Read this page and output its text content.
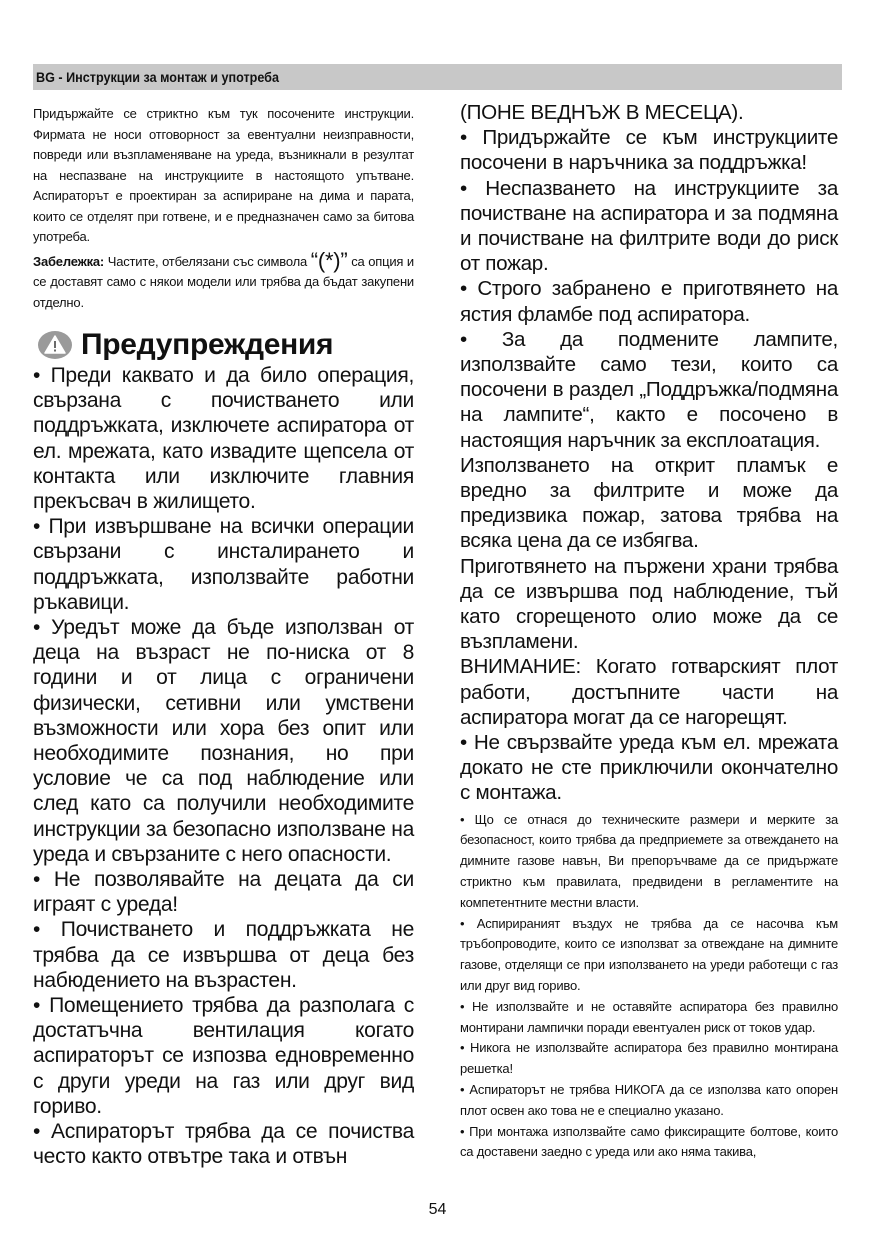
BG - Инструкции за монтаж и употреба

Придържайте се стриктно към тук посочените инструкции. Фирмата не носи отговорност за евентуални неизправности, повреди или възпламеняване на уреда, възникнали в резултат на неспазване на инструкциите в настоящото упътване. Аспираторът е проектиран за аспириране на дима и парата, които се отделят при готвене, и е предназначен само за битова употреба.

Забележка: Частите, отбелязани със символа “(*)” са опция и се доставят само с някои модели или трябва да бъдат закупени отделно.

Предупреждения

• Преди каквато и да било операция, свързана с почистването или поддръжката, изключете аспиратора от ел. мрежата, като извадите щепсела от контакта или изключите главния прекъсвач в жилището.

• При извършване на всички операции свързани с инсталирането и поддръжката, използвайте работни ръкавици.

• Уредът може да бъде използван от деца на възраст не по-ниска от 8 години и от лица с ограничени физически, сетивни или умствени възможности или хора без опит или необходимите познания, но при условие че са под наблюдение или след като са получили необходимите инструкции за безопасно използване на уреда и свързаните с него опасности.

• Не позволявайте на децата да си играят с уреда!

• Почистването и поддръжката не трябва да се извършва от деца без набюдението на възрастен.

• Помещението трябва да разполага с достатъчна вентилация когато аспираторът се изпозва едновременно с други уреди на газ или друг вид гориво.

• Аспираторът трябва да се почиства често както отвътре така и отвън

(ПОНЕ ВЕДНЪЖ В МЕСЕЦА).

• Придържайте се към инструкциите посочени в наръчника за поддръжка!

• Неспазването на инструкциите за почистване на аспиратора и за подмяна и почистване на филтрите води до риск от пожар.

• Строго забранено е приготвянето на ястия фламбе под аспиратора.

• За да подмените лампите, използвайте само тези, които са посочени в раздел „Поддръжка/подмяна на лампите“, както е посочено в настоящия наръчник за експлоатация.

Използването на открит пламък е вредно за филтрите и може да предизвика пожар, затова трябва на всяка цена да се избягва.

Приготвянето на пържени храни трябва да се извършва под наблюдение, тъй като сгорещеното олио може да се възпламени.

ВНИМАНИЕ: Когато готварският плот работи, достъпните части на аспиратора могат да се нагорещят.

• Не свързвайте уреда към ел. мрежата докато не сте приключили окончателно с монтажа.

• Що се отнася до техническите размери и мерките за безопасност, които трябва да предприемете за отвеждането на димните газове навън, Ви препоръчваме да се придържате стриктно към правилата, предвидени в регламентите на компетентните местни власти.

• Аспирираният въздух не трябва да се насочва към тръбопроводите, които се използват за отвеждане на димните газове, отделящи се при използването на уреди работещи с газ или друг вид гориво.

• Не използвайте и не оставяйте аспиратора без правилно монтирани лампички поради евентуален риск от токов удар.

• Никога не използвайте аспиратора без правилно монтирана решетка!

• Аспираторът не трябва НИКОГА да се използва като опорен плот освен ако това не е специално указано.

• При монтажа използвайте само фиксиращите болтове, които са доставени заедно с уреда или ако няма такива,

54
